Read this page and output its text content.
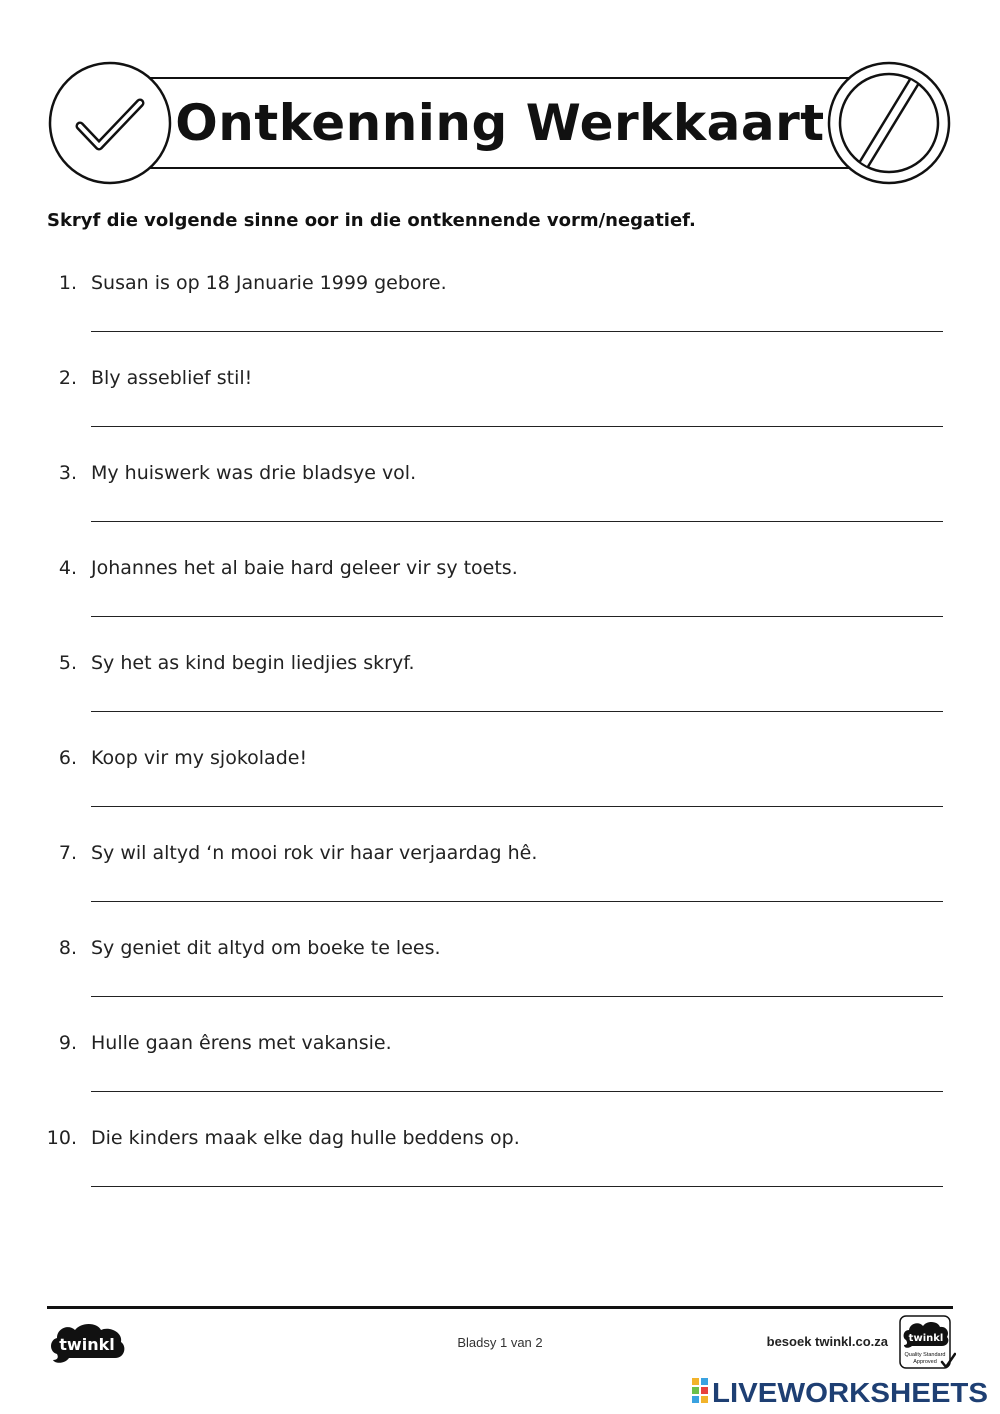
Ontkenning Werkkaart
Skryf die volgende sinne oor in die ontkennende vorm/negatief.
1. Susan is op 18 Januarie 1999 gebore.
2. Bly asseblief stil!
3. My huiswerk was drie bladsye vol.
4. Johannes het al baie hard geleer vir sy toets.
5. Sy het as kind begin liedjies skryf.
6. Koop vir my sjokolade!
7. Sy wil altyd ‘n mooi rok vir haar verjaardag hê.
8. Sy geniet dit altyd om boeke te lees.
9. Hulle gaan êrens met vakansie.
10. Die kinders maak elke dag hulle beddens op.
twinkl	Bladsy 1 van 2	besoek twinkl.co.za twinkl
Quality Standard
Approved
LIVEWORKSHEETS
